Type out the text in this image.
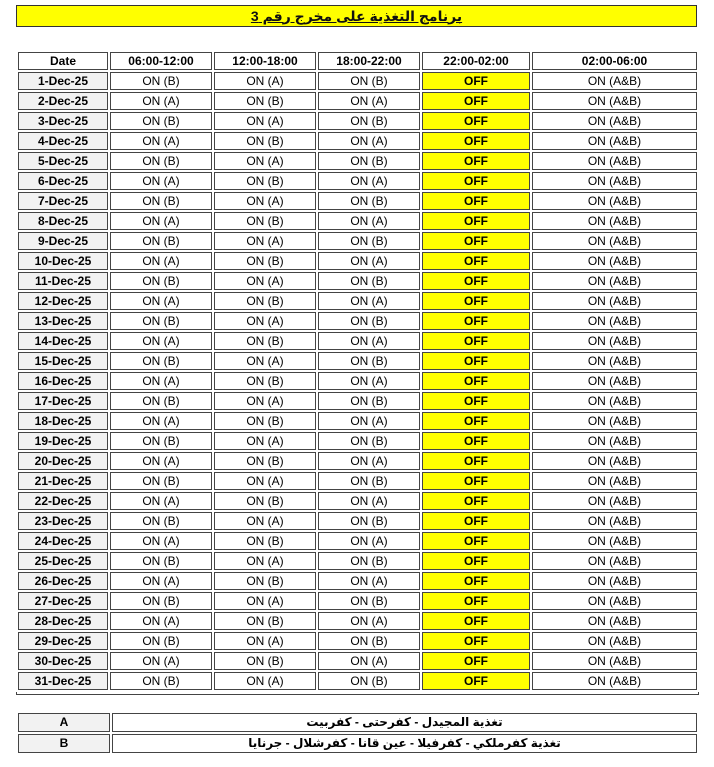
برنامج التغذية على مخرج رقم 3
Date	06:00-12:00	12:00-18:00	18:00-22:00	22:00-02:00	02:00-06:00
1-Dec-25	ON (B)	ON (A)	ON (B)	OFF	ON (A&B)
2-Dec-25	ON (A)	ON (B)	ON (A)	OFF	ON (A&B)
3-Dec-25	ON (B)	ON (A)	ON (B)	OFF	ON (A&B)
4-Dec-25	ON (A)	ON (B)	ON (A)	OFF	ON (A&B)
5-Dec-25	ON (B)	ON (A)	ON (B)	OFF	ON (A&B)
6-Dec-25	ON (A)	ON (B)	ON (A)	OFF	ON (A&B)
7-Dec-25	ON (B)	ON (A)	ON (B)	OFF	ON (A&B)
8-Dec-25	ON (A)	ON (B)	ON (A)	OFF	ON (A&B)
9-Dec-25	ON (B)	ON (A)	ON (B)	OFF	ON (A&B)
10-Dec-25	ON (A)	ON (B)	ON (A)	OFF	ON (A&B)
11-Dec-25	ON (B)	ON (A)	ON (B)	OFF	ON (A&B)
12-Dec-25	ON (A)	ON (B)	ON (A)	OFF	ON (A&B)
13-Dec-25	ON (B)	ON (A)	ON (B)	OFF	ON (A&B)
14-Dec-25	ON (A)	ON (B)	ON (A)	OFF	ON (A&B)
15-Dec-25	ON (B)	ON (A)	ON (B)	OFF	ON (A&B)
16-Dec-25	ON (A)	ON (B)	ON (A)	OFF	ON (A&B)
17-Dec-25	ON (B)	ON (A)	ON (B)	OFF	ON (A&B)
18-Dec-25	ON (A)	ON (B)	ON (A)	OFF	ON (A&B)
19-Dec-25	ON (B)	ON (A)	ON (B)	OFF	ON (A&B)
20-Dec-25	ON (A)	ON (B)	ON (A)	OFF	ON (A&B)
21-Dec-25	ON (B)	ON (A)	ON (B)	OFF	ON (A&B)
22-Dec-25	ON (A)	ON (B)	ON (A)	OFF	ON (A&B)
23-Dec-25	ON (B)	ON (A)	ON (B)	OFF	ON (A&B)
24-Dec-25	ON (A)	ON (B)	ON (A)	OFF	ON (A&B)
25-Dec-25	ON (B)	ON (A)	ON (B)	OFF	ON (A&B)
26-Dec-25	ON (A)	ON (B)	ON (A)	OFF	ON (A&B)
27-Dec-25	ON (B)	ON (A)	ON (B)	OFF	ON (A&B)
28-Dec-25	ON (A)	ON (B)	ON (A)	OFF	ON (A&B)
29-Dec-25	ON (B)	ON (A)	ON (B)	OFF	ON (A&B)
30-Dec-25	ON (A)	ON (B)	ON (A)	OFF	ON (A&B)
31-Dec-25	ON (B)	ON (A)	ON (B)	OFF	ON (A&B)
A	تغذية المجيدل - كفرحتى - كفربيت
B	تغذية كفرملكي - كفرفيلا - عين قانا - كفرشلال - جرنايا
